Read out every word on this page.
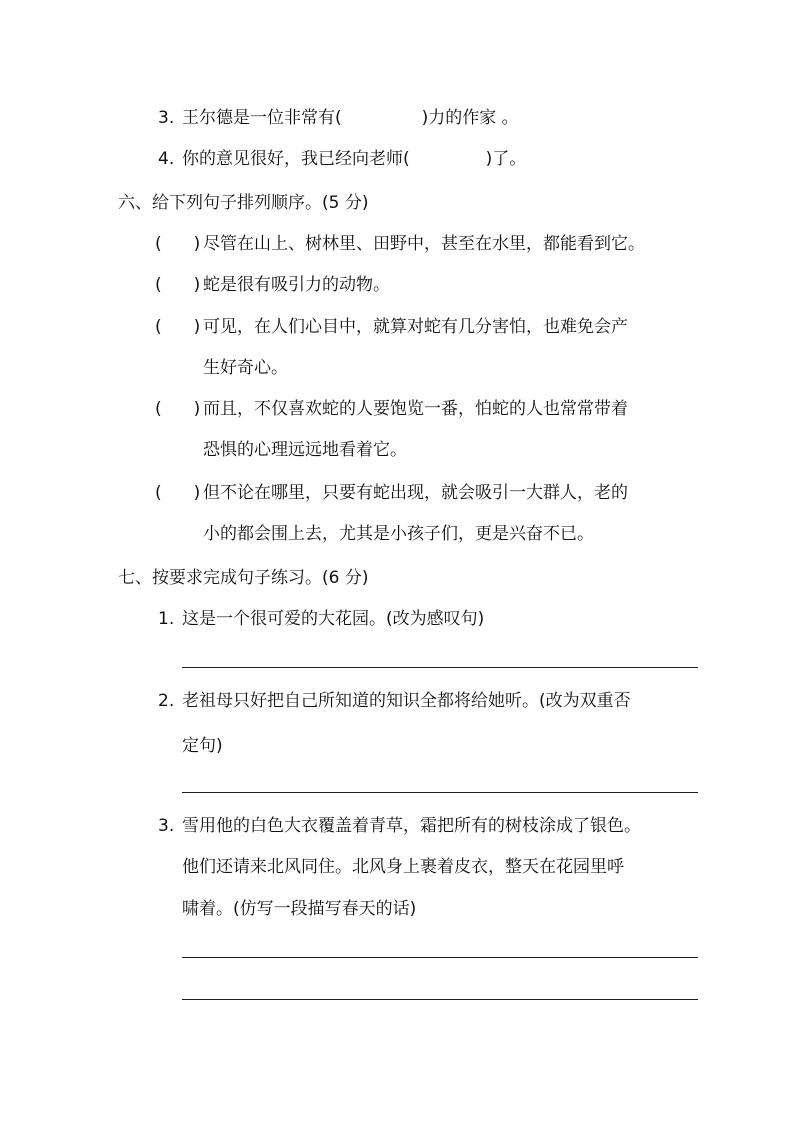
3. 王尔德是一位非常有(	)力的作家 。
4. 你的意见很好，我已经向老师(	)了。
六、给下列句子排列顺序。(5 分)
( ) 尽管在山上、树林里、田野中，甚至在水里，都能看到它。
( ) 蛇是很有吸引力的动物。
( ) 可见，在人们心目中，就算对蛇有几分害怕，也难免会产
生好奇心。
( ) 而且，不仅喜欢蛇的人要饱览一番，怕蛇的人也常常带着
恐惧的心理远远地看着它。
( ) 但不论在哪里，只要有蛇出现，就会吸引一大群人，老的
小的都会围上去，尤其是小孩子们，更是兴奋不已。
七、按要求完成句子练习。(6 分)
1. 这是一个很可爱的大花园。(改为感叹句)
2. 老祖母只好把自己所知道的知识全都将给她听。(改为双重否
定句)
3. 雪用他的白色大衣覆盖着青草，霜把所有的树枝涂成了银色。
他们还请来北风同住。北风身上裹着皮衣，整天在花园里呼
啸着。(仿写一段描写春天的话)
